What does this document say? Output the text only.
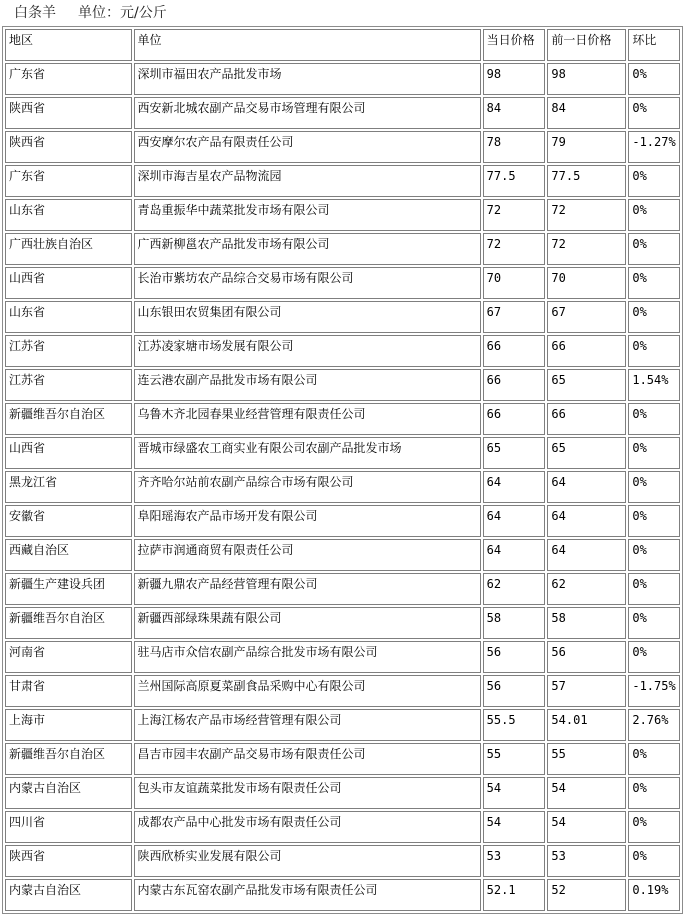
白条羊 单位：元/公斤
地区	单位	当日价格	前一日价格	环比
广东省	深圳市福田农产品批发市场	98	98	0%
陕西省	西安新北城农副产品交易市场管理有限公司	84	84	0%
陕西省	西安摩尔农产品有限责任公司	78	79	-1.27%
广东省	深圳市海吉星农产品物流园	77.5	77.5	0%
山东省	青岛重振华中蔬菜批发市场有限公司	72	72	0%
广西壮族自治区	广西新柳邕农产品批发市场有限公司	72	72	0%
山西省	长治市紫坊农产品综合交易市场有限公司	70	70	0%
山东省	山东银田农贸集团有限公司	67	67	0%
江苏省	江苏凌家塘市场发展有限公司	66	66	0%
江苏省	连云港农副产品批发市场有限公司	66	65	1.54%
新疆维吾尔自治区	乌鲁木齐北园春果业经营管理有限责任公司	66	66	0%
山西省	晋城市绿盛农工商实业有限公司农副产品批发市场	65	65	0%
黑龙江省	齐齐哈尔站前农副产品综合市场有限公司	64	64	0%
安徽省	阜阳瑶海农产品市场开发有限公司	64	64	0%
西藏自治区	拉萨市润通商贸有限责任公司	64	64	0%
新疆生产建设兵团	新疆九鼎农产品经营管理有限公司	62	62	0%
新疆维吾尔自治区	新疆西部绿珠果蔬有限公司	58	58	0%
河南省	驻马店市众信农副产品综合批发市场有限公司	56	56	0%
甘肃省	兰州国际高原夏菜副食品采购中心有限公司	56	57	-1.75%
上海市	上海江杨农产品市场经营管理有限公司	55.5	54.01	2.76%
新疆维吾尔自治区	昌吉市园丰农副产品交易市场有限责任公司	55	55	0%
内蒙古自治区	包头市友谊蔬菜批发市场有限责任公司	54	54	0%
四川省	成都农产品中心批发市场有限责任公司	54	54	0%
陕西省	陕西欣桥实业发展有限公司	53	53	0%
内蒙古自治区	内蒙古东瓦窑农副产品批发市场有限责任公司	52.1	52	0.19%
